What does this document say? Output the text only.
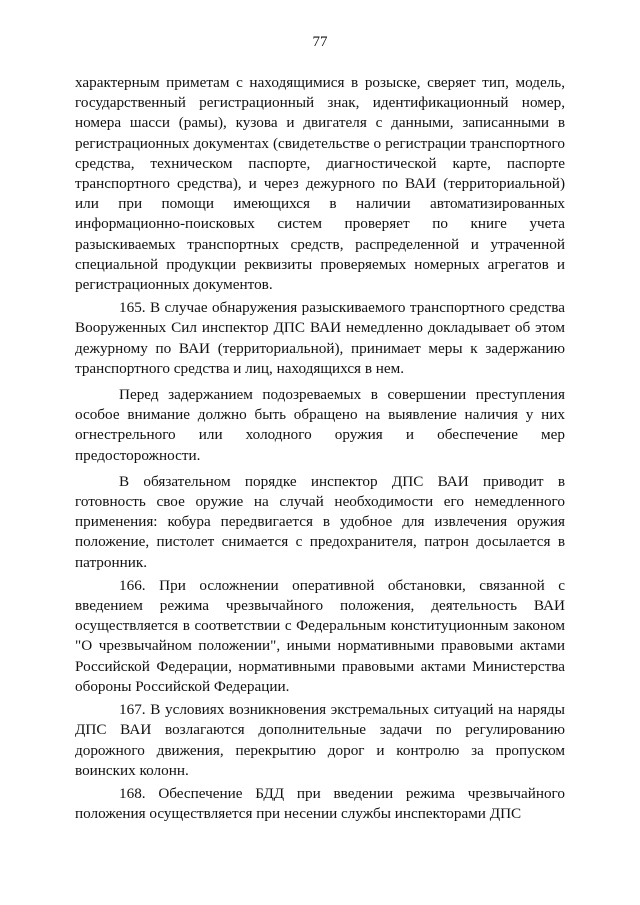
77

характерным приметам с находящимися в розыске, сверяет тип, модель, государственный регистрационный знак, идентификационный номер, номера шасси (рамы), кузова и двигателя с данными, записанными в регистрационных документах (свидетельстве о регистрации транспортного средства, техническом паспорте, диагностической карте, паспорте транспортного средства), и через дежурного по ВАИ (территориальной) или при помощи имеющихся в наличии автоматизированных информационно-поисковых систем проверяет по книге учета разыскиваемых транспортных средств, распределенной и утраченной специальной продукции реквизиты проверяемых номерных агрегатов и регистрационных документов.

165. В случае обнаружения разыскиваемого транспортного средства Вооруженных Сил инспектор ДПС ВАИ немедленно докладывает об этом дежурному по ВАИ (территориальной), принимает меры к задержанию транспортного средства и лиц, находящихся в нем.

Перед задержанием подозреваемых в совершении преступления особое внимание должно быть обращено на выявление наличия у них огнестрельного или холодного оружия и обеспечение мер предосторожности.

В обязательном порядке инспектор ДПС ВАИ приводит в готовность свое оружие на случай необходимости его немедленного применения: кобура передвигается в удобное для извлечения оружия положение, пистолет снимается с предохранителя, патрон досылается в патронник.

166. При осложнении оперативной обстановки, связанной с введением режима чрезвычайного положения, деятельность ВАИ осуществляется в соответствии с Федеральным конституционным законом "О чрезвычайном положении", иными нормативными правовыми актами Российской Федерации, нормативными правовыми актами Министерства обороны Российской Федерации.

167. В условиях возникновения экстремальных ситуаций на наряды ДПС ВАИ возлагаются дополнительные задачи по регулированию дорожного движения, перекрытию дорог и контролю за пропуском воинских колонн.

168. Обеспечение БДД при введении режима чрезвычайного положения осуществляется при несении службы инспекторами ДПС
